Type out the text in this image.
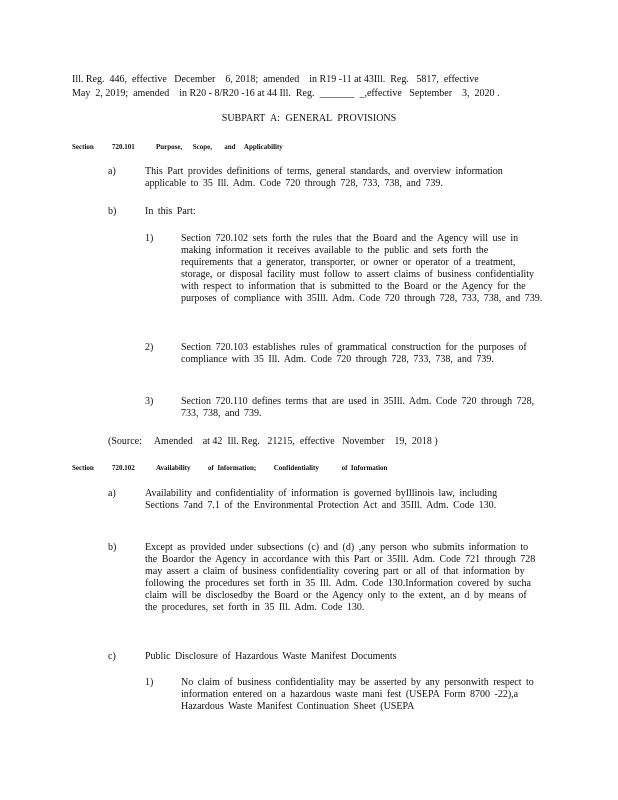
Ill. Reg.  446,  effective   December    6, 2018;  amended    in R19 -11 at 43Ill.  Reg.   5817,  effective
May  2, 2019;  amended    in R20 - 8/R20 -16 at 44 Ill.  Reg.  _______  _,effective   September    3,  2020 .
SUBPART A: GENERAL PROVISIONS
Section	720.101	Purpose,      Scope,       and     Applicability
a)	This Part provides definitions of terms, general standards, and overview information applicable to 35 Ill. Adm. Code 720 through 728, 733, 738, and 739.
b)	In this Part:
1)	Section 720.102 sets forth the rules that the Board and the Agency will use in making information it receives available to the public and sets forth the requirements that a generator, transporter, or owner or operator of a treatment, storage, or disposal facility must follow to assert claims of business confidentiality with respect to information that is submitted to the Board or the Agency for the purposes of compliance with 35Ill. Adm. Code 720 through 728, 733, 738, and 739.
2)	Section 720.103 establishes rules of grammatical construction for the purposes of compliance with 35 Ill. Adm. Code 720 through 728, 733, 738, and 739.
3)	Section 720.110 defines terms that are used in 35Ill. Adm. Code 720 through 728, 733, 738, and 739.
(Source:     Amended    at 42  Ill. Reg.   21215,  effective   November    19,  2018 )
Section	720.102	Availability          of  Information;          Confidentiality             of  Information
a)	Availability and confidentiality of information is governed byIllinois law, including Sections 7and 7.1 of the Environmental Protection Act and 35Ill. Adm. Code 130.
b)	Except as provided under subsections (c) and (d) ,any person who submits information to the Boardor the Agency in accordance with this Part or 35Ill. Adm. Code 721 through 728 may assert a claim of business confidentiality covering part or all of that information by following the procedures set forth in 35 Ill. Adm. Code 130.Information covered by sucha claim will be disclosedby the Board or the Agency only to the extent, an d by means of the procedures, set forth in 35 Ill. Adm. Code 130.
c)	Public Disclosure of Hazardous Waste Manifest Documents
1)	No claim of business confidentiality may be asserted by any personwith respect to information entered on a hazardous waste mani fest (USEPA Form 8700 -22),a Hazardous Waste Manifest Continuation Sheet (USEPA
